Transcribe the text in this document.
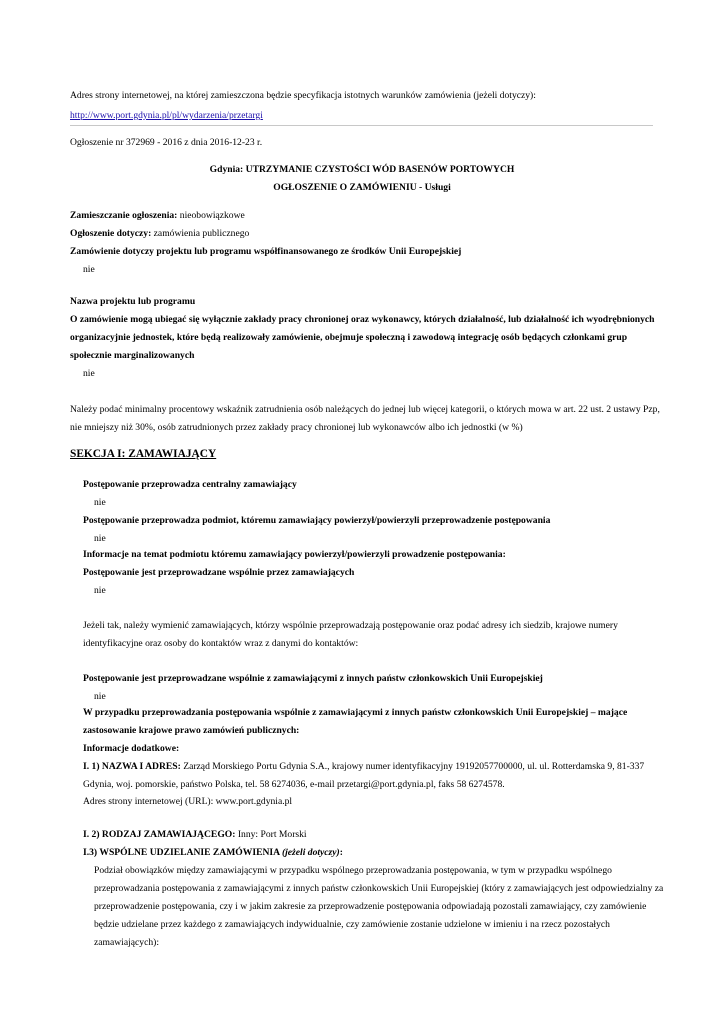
Adres strony internetowej, na której zamieszczona będzie specyfikacja istotnych warunków zamówienia (jeżeli dotyczy):
http://www.port.gdynia.pl/pl/wydarzenia/przetargi
Ogłoszenie nr 372969 - 2016 z dnia 2016-12-23 r.
Gdynia: UTRZYMANIE CZYSTOŚCI WÓD BASENÓW PORTOWYCH
OGŁOSZENIE O ZAMÓWIENIU - Usługi
Zamieszczanie ogłoszenia: nieobowiązkowe
Ogłoszenie dotyczy: zamówienia publicznego
Zamówienie dotyczy projektu lub programu współfinansowanego ze środków Unii Europejskiej
nie
Nazwa projektu lub programu
O zamówienie mogą ubiegać się wyłącznie zakłady pracy chronionej oraz wykonawcy, których działalność, lub działalność ich wyodrębnionych
organizacyjnie jednostek, które będą realizowały zamówienie, obejmuje społeczną i zawodową integrację osób będących członkami grup
społecznie marginalizowanych
nie
Należy podać minimalny procentowy wskaźnik zatrudnienia osób należących do jednej lub więcej kategorii, o których mowa w art. 22 ust. 2 ustawy Pzp,
nie mniejszy niż 30%, osób zatrudnionych przez zakłady pracy chronionej lub wykonawców albo ich jednostki (w %)
SEKCJA I: ZAMAWIAJĄCY
Postępowanie przeprowadza centralny zamawiający
nie
Postępowanie przeprowadza podmiot, któremu zamawiający powierzył/powierzyli przeprowadzenie postępowania
nie
Informacje na temat podmiotu któremu zamawiający powierzył/powierzyli prowadzenie postępowania:
Postępowanie jest przeprowadzane wspólnie przez zamawiających
nie
Jeżeli tak, należy wymienić zamawiających, którzy wspólnie przeprowadzają postępowanie oraz podać adresy ich siedzib, krajowe numery
identyfikacyjne oraz osoby do kontaktów wraz z danymi do kontaktów:
Postępowanie jest przeprowadzane wspólnie z zamawiającymi z innych państw członkowskich Unii Europejskiej
nie
W przypadku przeprowadzania postępowania wspólnie z zamawiającymi z innych państw członkowskich Unii Europejskiej – mające
zastosowanie krajowe prawo zamówień publicznych:
Informacje dodatkowe:
I. 1) NAZWA I ADRES: Zarząd Morskiego Portu Gdynia S.A., krajowy numer identyfikacyjny 19192057700000, ul. ul. Rotterdamska 9, 81-337
Gdynia, woj. pomorskie, państwo Polska, tel. 58 6274036, e-mail przetargi@port.gdynia.pl, faks 58 6274578.
Adres strony internetowej (URL): www.port.gdynia.pl
I. 2) RODZAJ ZAMAWIAJĄCEGO: Inny: Port Morski
I.3) WSPÓLNE UDZIELANIE ZAMÓWIENIA (jeżeli dotyczy):
Podział obowiązków między zamawiającymi w przypadku wspólnego przeprowadzania postępowania, w tym w przypadku wspólnego
przeprowadzania postępowania z zamawiającymi z innych państw członkowskich Unii Europejskiej (który z zamawiających jest odpowiedzialny za
przeprowadzenie postępowania, czy i w jakim zakresie za przeprowadzenie postępowania odpowiadają pozostali zamawiający, czy zamówienie
będzie udzielane przez każdego z zamawiających indywidualnie, czy zamówienie zostanie udzielone w imieniu i na rzecz pozostałych
zamawiających):
